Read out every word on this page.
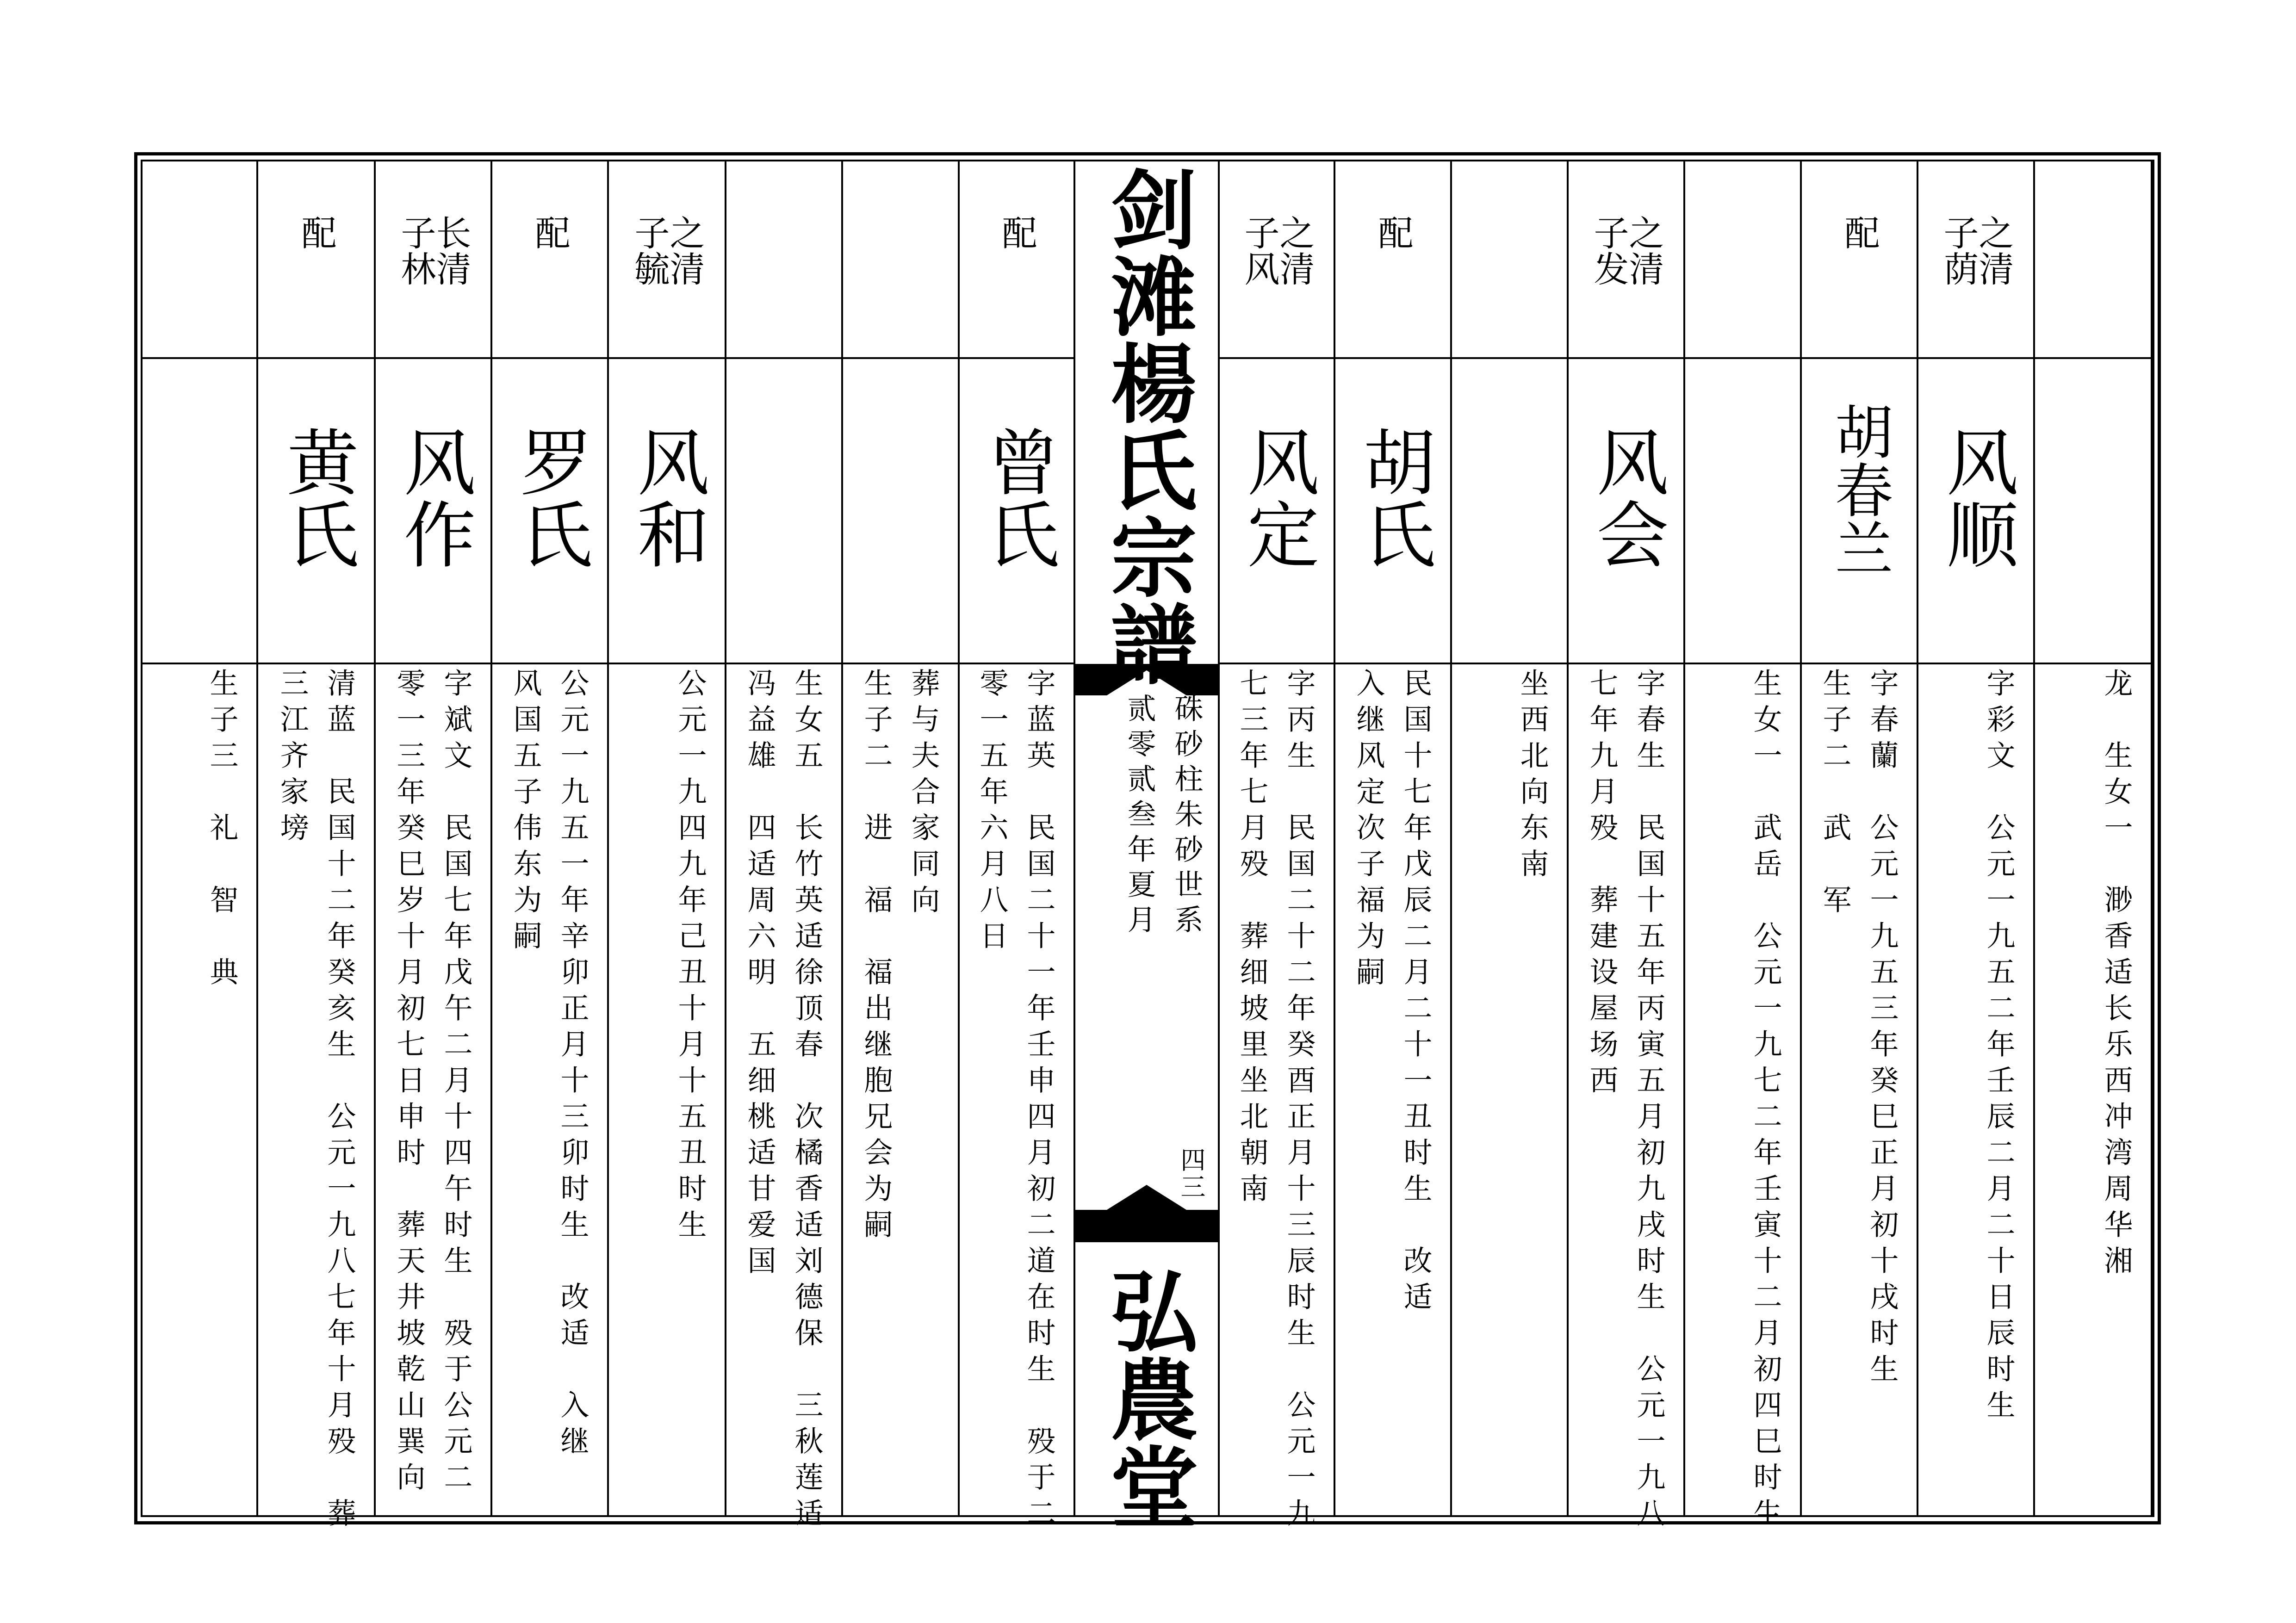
龙　生女一　渺香适长乐西冲湾周华湘
之清
子荫
风顺
字彩文　公元一九五二年壬辰二月二十日辰时生
配
胡春兰
字春蘭　公元一九五三年癸巳正月初十戌时生
生子二　武　军
生女一　武岳　公元一九七二年壬寅十二月初四巳时生
之清
子发
风会
字春生　民国十五年丙寅五月初九戌时生　公元一九八
七年九月殁　葬建设屋场西
坐西北向东南
配
胡氏
民国十七年戊辰二月二十一丑时生　改适
入继风定次子福为嗣
之清
子风
风定
字丙生　民国二十二年癸酉正月十三辰时生　公元一九
七三年七月殁　葬细坡里坐北朝南
剑滩楊氏宗譜
硃砂柱朱砂世系
贰零贰叁年夏月
四三
弘農堂
配
曾氏
字蓝英　民国二十一年壬申四月初二道在时生　殁于二
零一五年六月八日
葬与夫合家同向
生子二　进　福　福出继胞兄会为嗣
生女五　长竹英适徐顶春　次橘香适刘德保　三秋莲适
冯益雄　四适周六明　五细桃适甘爱国
之清
子毓
风和
公元一九四九年己丑十月十五丑时生
配
罗氏
公元一九五一年辛卯正月十三卯时生　改适　入继
风国五子伟东为嗣
长清
子林
风作
字斌文　民国七年戊午二月十四午时生　殁于公元二
零一三年癸巳岁十月初七日申时　葬天井坡乾山巽向
配
黄氏
清蓝　民国十二年癸亥生　公元一九八七年十月殁　葬
三江齐家塝
生子三　礼　智　典
